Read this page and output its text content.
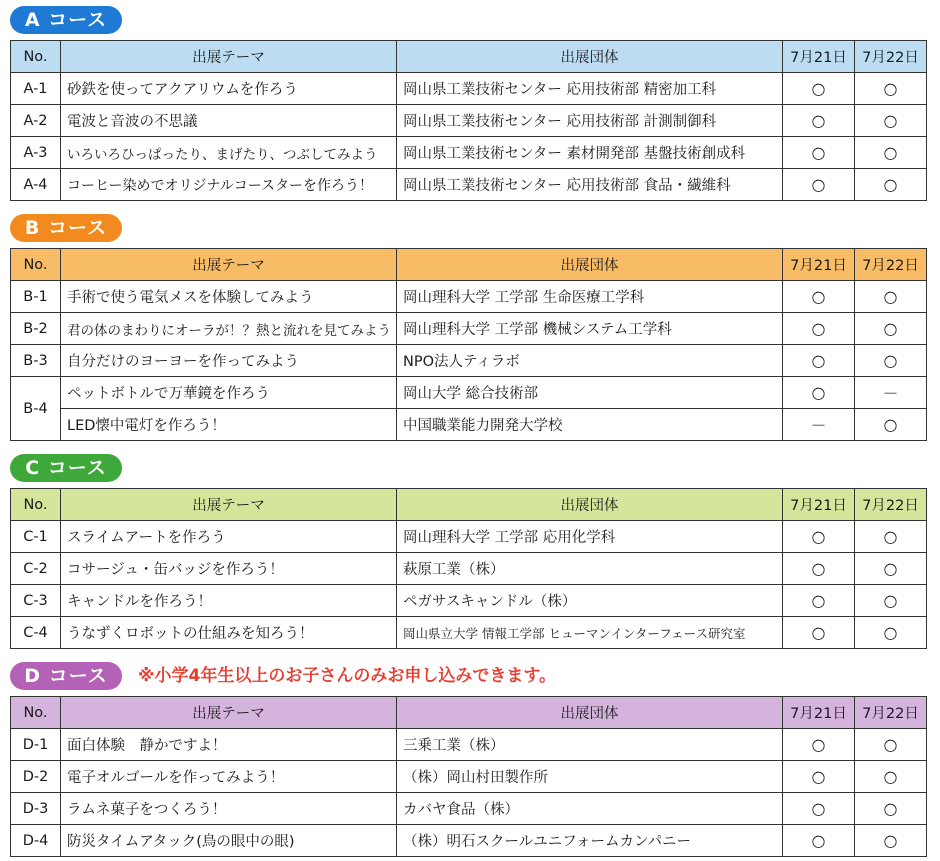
A コース
No.	出展テーマ	出展団体	7月21日	7月22日
A-1	砂鉄を使ってアクアリウムを作ろう	岡山県工業技術センター 応用技術部 精密加工科	○	○
A-2	電波と音波の不思議	岡山県工業技術センター 応用技術部 計測制御科	○	○
A-3	いろいろひっぱったり、まげたり、つぶしてみよう	岡山県工業技術センター 素材開発部 基盤技術創成科	○	○
A-4	コーヒー染めでオリジナルコースターを作ろう！	岡山県工業技術センター 応用技術部 食品・繊維科	○	○
B コース
No.	出展テーマ	出展団体	7月21日	7月22日
B-1	手術で使う電気メスを体験してみよう	岡山理科大学 工学部 生命医療工学科	○	○
B-2	君の体のまわりにオーラが！？熱と流れを見てみよう	岡山理科大学 工学部 機械システム工学科	○	○
B-3	自分だけのヨーヨーを作ってみよう	NPO法人ティラボ	○	○
B-4	ペットボトルで万華鏡を作ろう	岡山大学 総合技術部	○	－
	LED懐中電灯を作ろう！	中国職業能力開発大学校	－	○
C コース
No.	出展テーマ	出展団体	7月21日	7月22日
C-1	スライムアートを作ろう	岡山理科大学 工学部 応用化学科	○	○
C-2	コサージュ・缶バッジを作ろう！	萩原工業（株）	○	○
C-3	キャンドルを作ろう！	ペガサスキャンドル（株）	○	○
C-4	うなずくロボットの仕組みを知ろう！	岡山県立大学 情報工学部 ヒューマンインターフェース研究室	○	○
D コース	※小学4年生以上のお子さんのみお申し込みできます。
No.	出展テーマ	出展団体	7月21日	7月22日
D-1	面白体験　静かですよ！	三乗工業（株）	○	○
D-2	電子オルゴールを作ってみよう！	（株）岡山村田製作所	○	○
D-3	ラムネ菓子をつくろう！	カバヤ食品（株）	○	○
D-4	防災タイムアタック(鳥の眼中の眼)	（株）明石スクールユニフォームカンパニー	○	○
